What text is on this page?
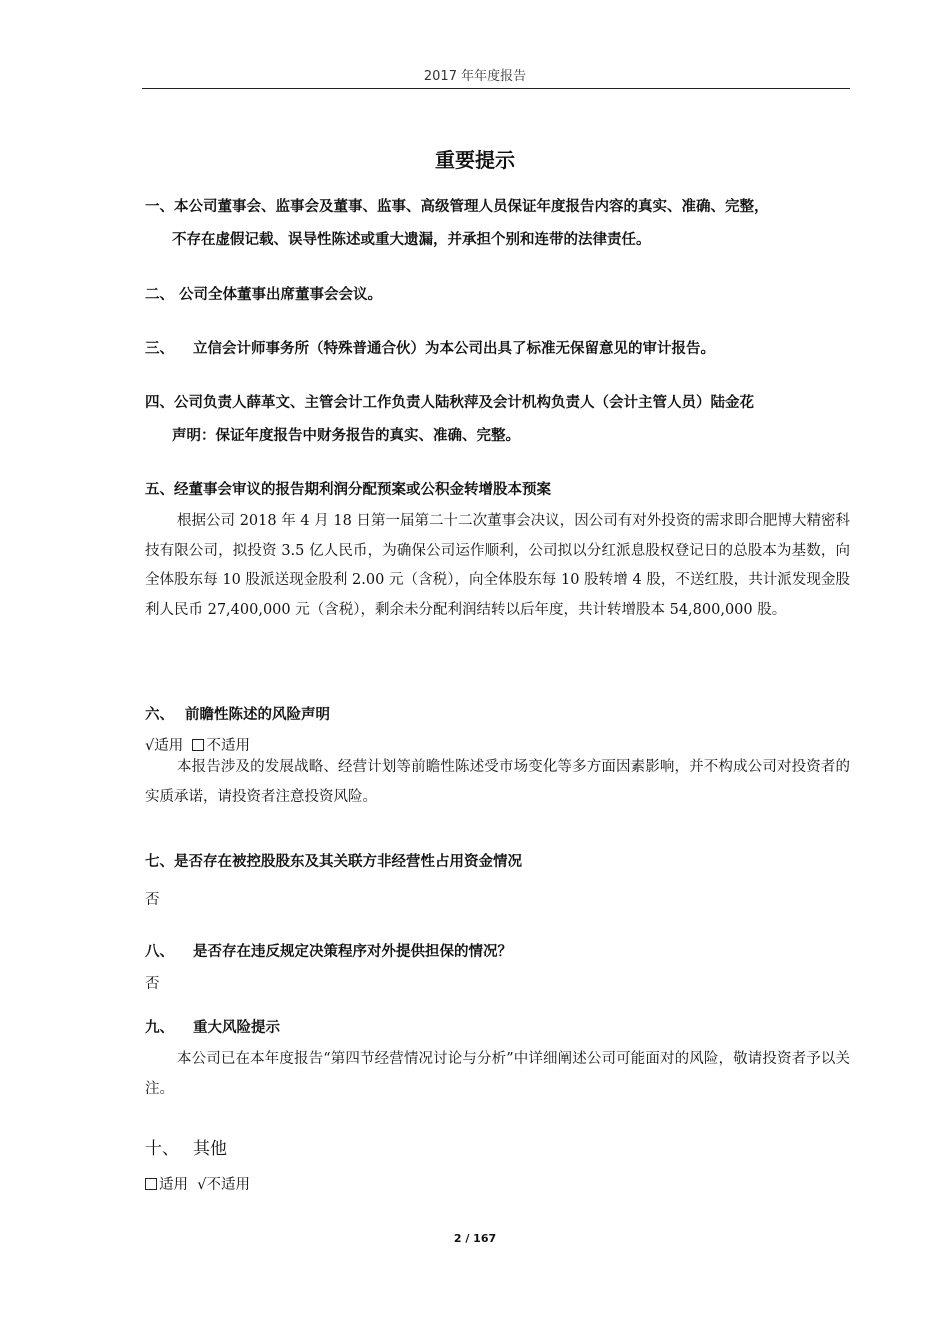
2017 年年度报告
重要提示
一、本公司董事会、监事会及董事、监事、高级管理人员保证年度报告内容的真实、准确、完整，
不存在虚假记载、误导性陈述或重大遗漏，并承担个别和连带的法律责任。
二、 公司全体董事出席董事会会议。
三、 立信会计师事务所（特殊普通合伙）为本公司出具了标准无保留意见的审计报告。
四、公司负责人薛革文、主管会计工作负责人陆秋萍及会计机构负责人（会计主管人员）陆金花
声明：保证年度报告中财务报告的真实、准确、完整。
五、经董事会审议的报告期利润分配预案或公积金转增股本预案
根据公司 2018 年 4 月 18 日第一届第二十二次董事会决议，因公司有对外投资的需求即合肥博大精密科技有限公司，拟投资 3.5 亿人民币，为确保公司运作顺利，公司拟以分红派息股权登记日的总股本为基数，向全体股东每 10 股派送现金股利 2.00 元（含税），向全体股东每 10 股转增 4 股，不送红股，共计派发现金股利人民币 27,400,000 元（含税），剩余未分配利润结转以后年度，共计转增股本 54,800,000 股。
六、 前瞻性陈述的风险声明
√适用 不适用
本报告涉及的发展战略、经营计划等前瞻性陈述受市场变化等多方面因素影响，并不构成公司对投资者的实质承诺，请投资者注意投资风险。
七、是否存在被控股股东及其关联方非经营性占用资金情况
否
八、 是否存在违反规定决策程序对外提供担保的情况？
否
九、 重大风险提示
本公司已在本年度报告“第四节经营情况讨论与分析”中详细阐述公司可能面对的风险，敬请投资者予以关注。
十、 其他
适用 √不适用
2 / 167
